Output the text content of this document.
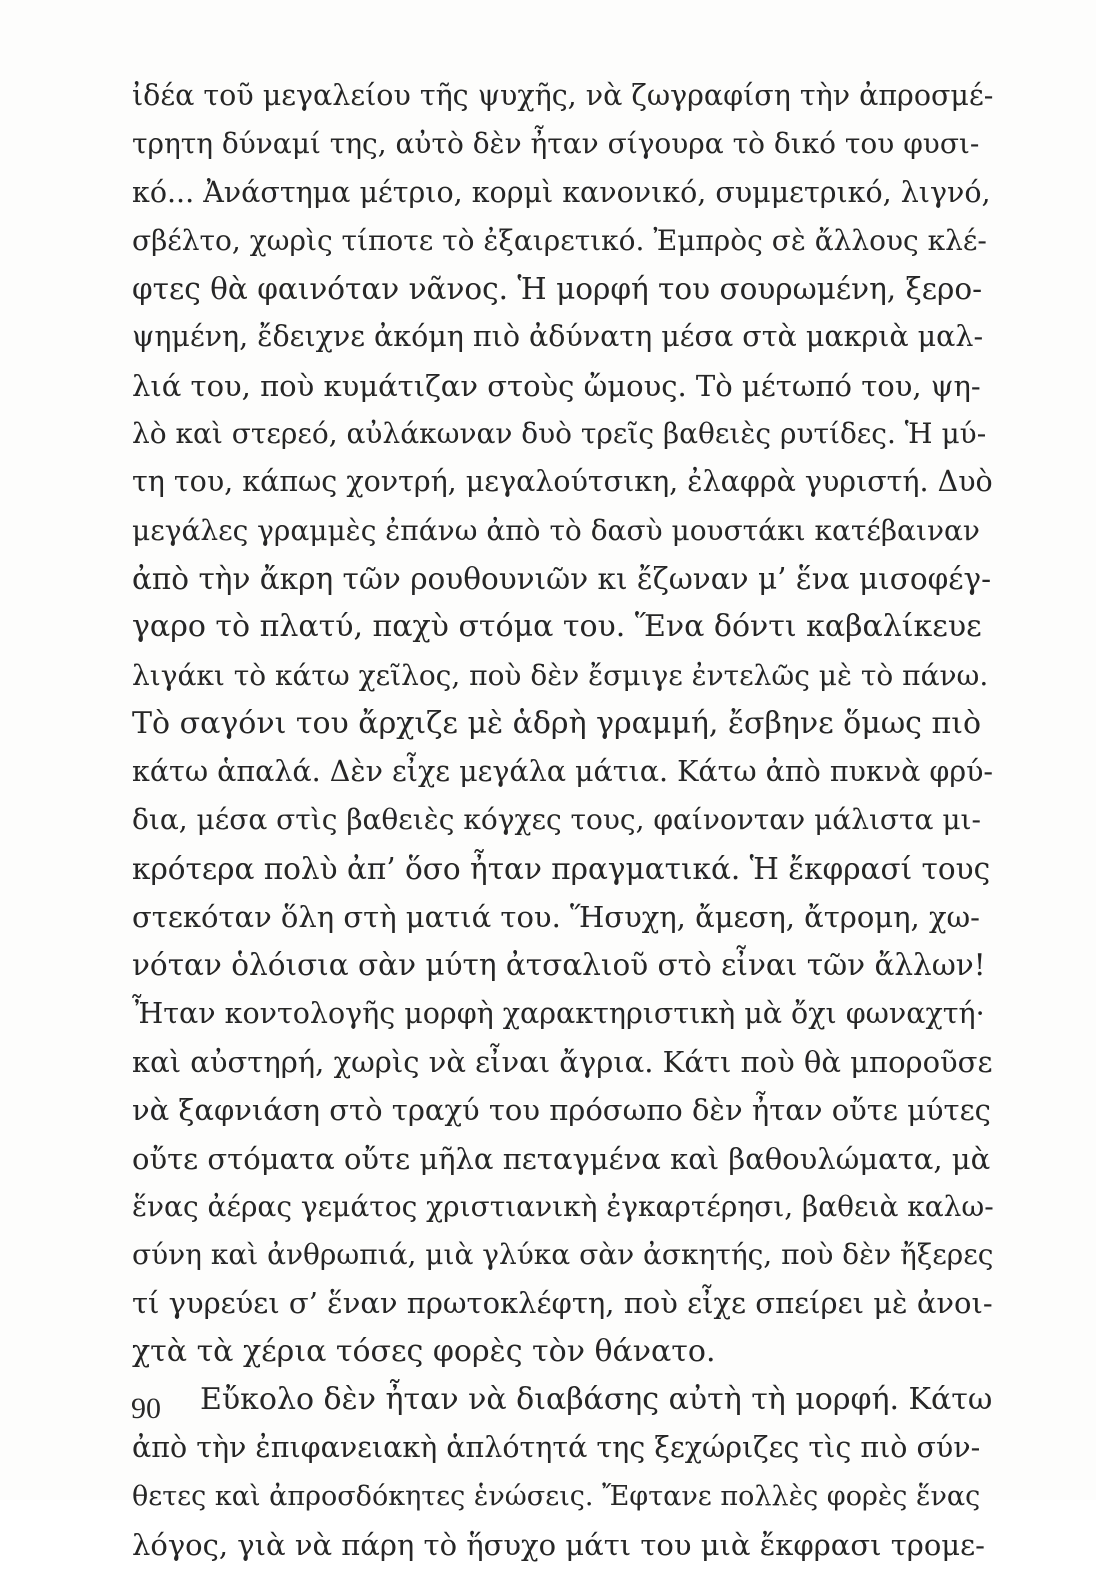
ἰδέα τοῦ μεγαλείου τῆς ψυχῆς, νὰ ζωγραφίση τὴν ἀπροσμέ-
τρητη δύναμί της, αὐτὸ δὲν ἦταν σίγουρα τὸ δικό του φυσι-
κό... Ἀνάστημα μέτριο, κορμὶ κανονικό, συμμετρικό, λιγνό,
σβέλτο, χωρὶς τίποτε τὸ ἐξαιρετικό. Ἐμπρὸς σὲ ἄλλους κλέ-
φτες θὰ φαινόταν νᾶνος. Ἡ μορφή του σουρωμένη, ξερο-
ψημένη, ἔδειχνε ἀκόμη πιὸ ἀδύνατη μέσα στὰ μακριὰ μαλ-
λιά του, ποὺ κυμάτιζαν στοὺς ὤμους. Τὸ μέτωπό του, ψη-
λὸ καὶ στερεό, αὐλάκωναν δυὸ τρεῖς βαθειὲς ρυτίδες. Ἡ μύ-
τη του, κάπως χοντρή, μεγαλούτσικη, ἐλαφρὰ γυριστή. Δυὸ
μεγάλες γραμμὲς ἐπάνω ἀπὸ τὸ δασὺ μουστάκι κατέβαιναν
ἀπὸ τὴν ἄκρη τῶν ρουθουνιῶν κι ἔζωναν μ’ ἕνα μισοφέγ-
γαρο τὸ πλατύ, παχὺ στόμα του. Ἕνα δόντι καβαλίκευε
λιγάκι τὸ κάτω χεῖλος, ποὺ δὲν ἔσμιγε ἐντελῶς μὲ τὸ πάνω.
Τὸ σαγόνι του ἄρχιζε μὲ ἁδρὴ γραμμή, ἔσβηνε ὅμως πιὸ
κάτω ἁπαλά. Δὲν εἶχε μεγάλα μάτια. Κάτω ἀπὸ πυκνὰ φρύ-
δια, μέσα στὶς βαθειὲς κόγχες τους, φαίνονταν μάλιστα μι-
κρότερα πολὺ ἀπ’ ὅσο ἦταν πραγματικά. Ἡ ἔκφρασί τους
στεκόταν ὅλη στὴ ματιά του. Ἥσυχη, ἄμεση, ἄτρομη, χω-
νόταν ὁλόισια σὰν μύτη ἀτσαλιοῦ στὸ εἶναι τῶν ἄλλων!
Ἦταν κοντολογῆς μορφὴ χαρακτηριστικὴ μὰ ὄχι φωναχτή·
καὶ αὐστηρή, χωρὶς νὰ εἶναι ἄγρια. Κάτι ποὺ θὰ μποροῦσε
νὰ ξαφνιάση στὸ τραχύ του πρόσωπο δὲν ἦταν οὔτε μύτες
οὔτε στόματα οὔτε μῆλα πεταγμένα καὶ βαθουλώματα, μὰ
ἕνας ἀέρας γεμάτος χριστιανικὴ ἐγκαρτέρησι, βαθειὰ καλω-
σύνη καὶ ἀνθρωπιά, μιὰ γλύκα σὰν ἀσκητής, ποὺ δὲν ἤξερες
τί γυρεύει σ’ ἕναν πρωτοκλέφτη, ποὺ εἶχε σπείρει μὲ ἀνοι-
χτὰ τὰ χέρια τόσες φορὲς τὸν θάνατο.
Εὔκολο δὲν ἦταν νὰ διαβάσης αὐτὴ τὴ μορφή. Κάτω
ἀπὸ τὴν ἐπιφανειακὴ ἁπλότητά της ξεχώριζες τὶς πιὸ σύν-
θετες καὶ ἀπροσδόκητες ἑνώσεις. Ἔφτανε πολλὲς φορὲς ἕνας
λόγος, γιὰ νὰ πάρη τὸ ἥσυχο μάτι του μιὰ ἔκφρασι τρομε-
90
